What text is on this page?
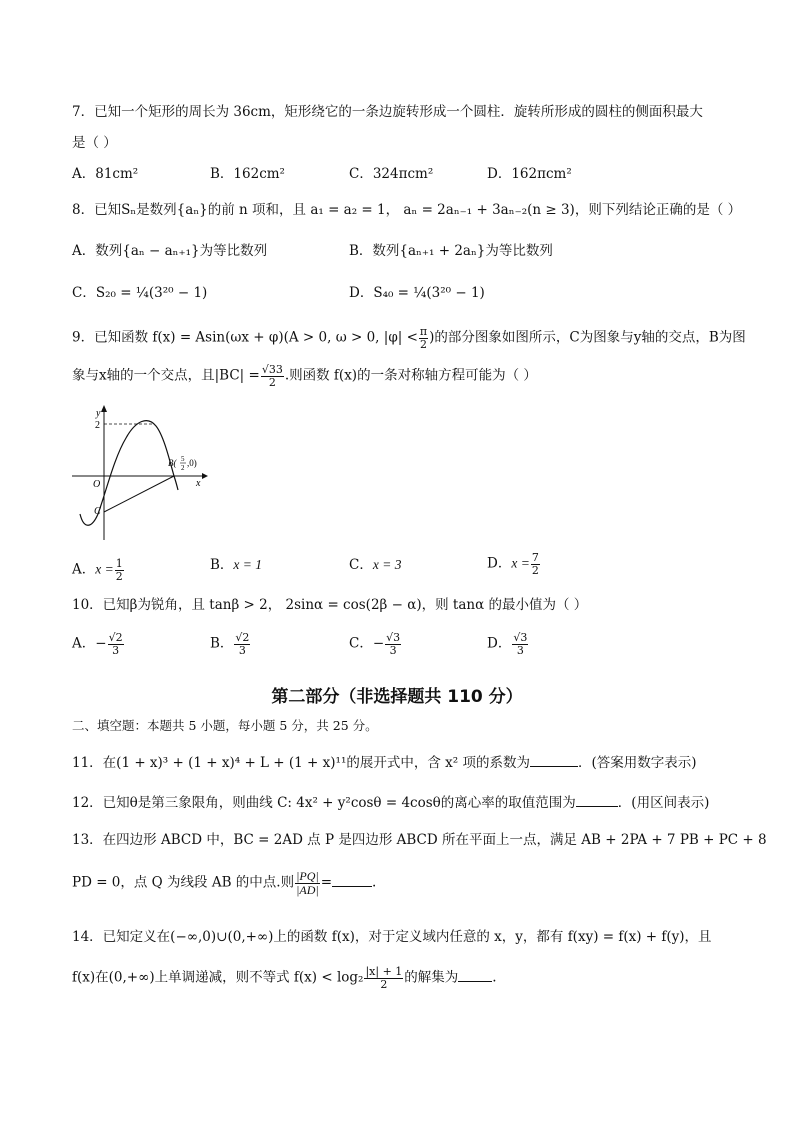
7．已知一个矩形的周长为 36cm，矩形绕它的一条边旋转形成一个圆柱．旋转所形成的圆柱的侧面积最大
是（ ）
A．81cm²	B．162cm²	C．324πcm²	D．162πcm²
8．已知Sₙ是数列{aₙ}的前 n 项和，且 a₁ = a₂ = 1， aₙ = 2aₙ₋₁ + 3aₙ₋₂(n ≥ 3)，则下列结论正确的是（ ）
A．数列{aₙ − aₙ₊₁}为等比数列	B．数列{aₙ₊₁ + 2aₙ}为等比数列
C．S₂₀ = ¼(3²⁰ − 1)	D．S₄₀ = ¼(3²⁰ − 1)
9．已知函数 f(x) = Asin(ωx + φ)(A > 0, ω > 0, $|\varphi| < \frac{\pi}{2}$ )的部分图象如图所示，C为图象与y轴的交点，B为图
象与x轴的一个交点，且$|BC| = \frac{√33}{2}$ .则函数 f(x)的一条对称轴方程可能为（ ）
y
2
x
O
C
B( 5
2 ,0)
A．$x = \frac{1}{2}$	B．x = 1	C．x = 3	D．$x = \frac{7}{2}$
10．已知β为锐角，且 tanβ > 2， 2sinα = cos(2β − α)，则 tanα 的最小值为（ ）
A．− $\frac{√2}{3}$	B． $\frac{√2}{3}$	C．− $\frac{√3}{3}$	D． $\frac{√3}{3}$
第二部分（非选择题共 110 分）
二、填空题：本题共 5 小题，每小题 5 分，共 25 分。
11．在(1 + x)³ + (1 + x)⁴ + L + (1 + x)¹¹的展开式中，含 x² 项的系数为	．(答案用数字表示)
12．已知θ是第三象限角，则曲线 C: 4x² + y²cosθ = 4cosθ的离心率的取值范围为	．(用区间表示)
13．在四边形 ABCD 中，BC = 2AD 点 P 是四边形 ABCD 所在平面上一点，满足 AB + 2PA + 7 PB + PC + 8
PD = 0，点 Q 为线段 AB 的中点.则 $\frac{|PQ|}{|AD|}$ =	.
14．已知定义在(−∞,0)∪(0,+∞)上的函数 f(x)，对于定义域内任意的 x，y，都有 f(xy) = f(x) + f(y)，且
f(x)在(0,+∞)上单调递减，则不等式 $f(x) < \log_2 \frac{|x| + 1}{2}$ 的解集为	.
